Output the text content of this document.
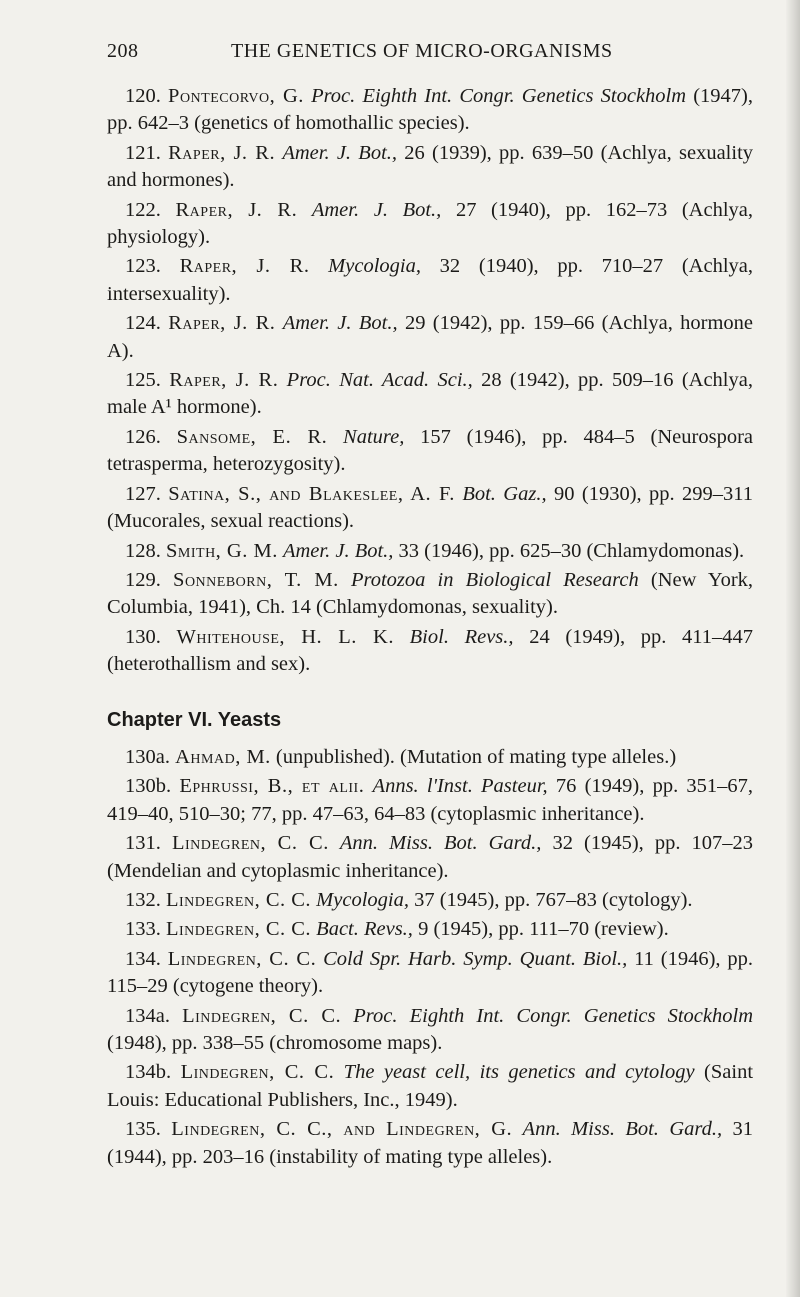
208	THE GENETICS OF MICRO-ORGANISMS

120. Pontecorvo, G. Proc. Eighth Int. Congr. Genetics Stockholm (1947), pp. 642–3 (genetics of homothallic species).

121. Raper, J. R. Amer. J. Bot., 26 (1939), pp. 639–50 (Achlya, sexuality and hormones).

122. Raper, J. R. Amer. J. Bot., 27 (1940), pp. 162–73 (Achlya, physiology).

123. Raper, J. R. Mycologia, 32 (1940), pp. 710–27 (Achlya, intersexuality).

124. Raper, J. R. Amer. J. Bot., 29 (1942), pp. 159–66 (Achlya, hormone A).

125. Raper, J. R. Proc. Nat. Acad. Sci., 28 (1942), pp. 509–16 (Achlya, male A¹ hormone).

126. Sansome, E. R. Nature, 157 (1946), pp. 484–5 (Neurospora tetrasperma, heterozygosity).

127. Satina, S., and Blakeslee, A. F. Bot. Gaz., 90 (1930), pp. 299–311 (Mucorales, sexual reactions).

128. Smith, G. M. Amer. J. Bot., 33 (1946), pp. 625–30 (Chlamydomonas).

129. Sonneborn, T. M. Protozoa in Biological Research (New York, Columbia, 1941), Ch. 14 (Chlamydomonas, sexuality).

130. Whitehouse, H. L. K. Biol. Revs., 24 (1949), pp. 411–447 (heterothallism and sex).

Chapter VI. Yeasts

130a. Ahmad, M. (unpublished). (Mutation of mating type alleles.)

130b. Ephrussi, B., et alii. Anns. l'Inst. Pasteur, 76 (1949), pp. 351–67, 419–40, 510–30; 77, pp. 47–63, 64–83 (cytoplasmic inheritance).

131. Lindegren, C. C. Ann. Miss. Bot. Gard., 32 (1945), pp. 107–23 (Mendelian and cytoplasmic inheritance).

132. Lindegren, C. C. Mycologia, 37 (1945), pp. 767–83 (cytology).

133. Lindegren, C. C. Bact. Revs., 9 (1945), pp. 111–70 (review).

134. Lindegren, C. C. Cold Spr. Harb. Symp. Quant. Biol., 11 (1946), pp. 115–29 (cytogene theory).

134a. Lindegren, C. C. Proc. Eighth Int. Congr. Genetics Stockholm (1948), pp. 338–55 (chromosome maps).

134b. Lindegren, C. C. The yeast cell, its genetics and cytology (Saint Louis: Educational Publishers, Inc., 1949).

135. Lindegren, C. C., and Lindegren, G. Ann. Miss. Bot. Gard., 31 (1944), pp. 203–16 (instability of mating type alleles).
